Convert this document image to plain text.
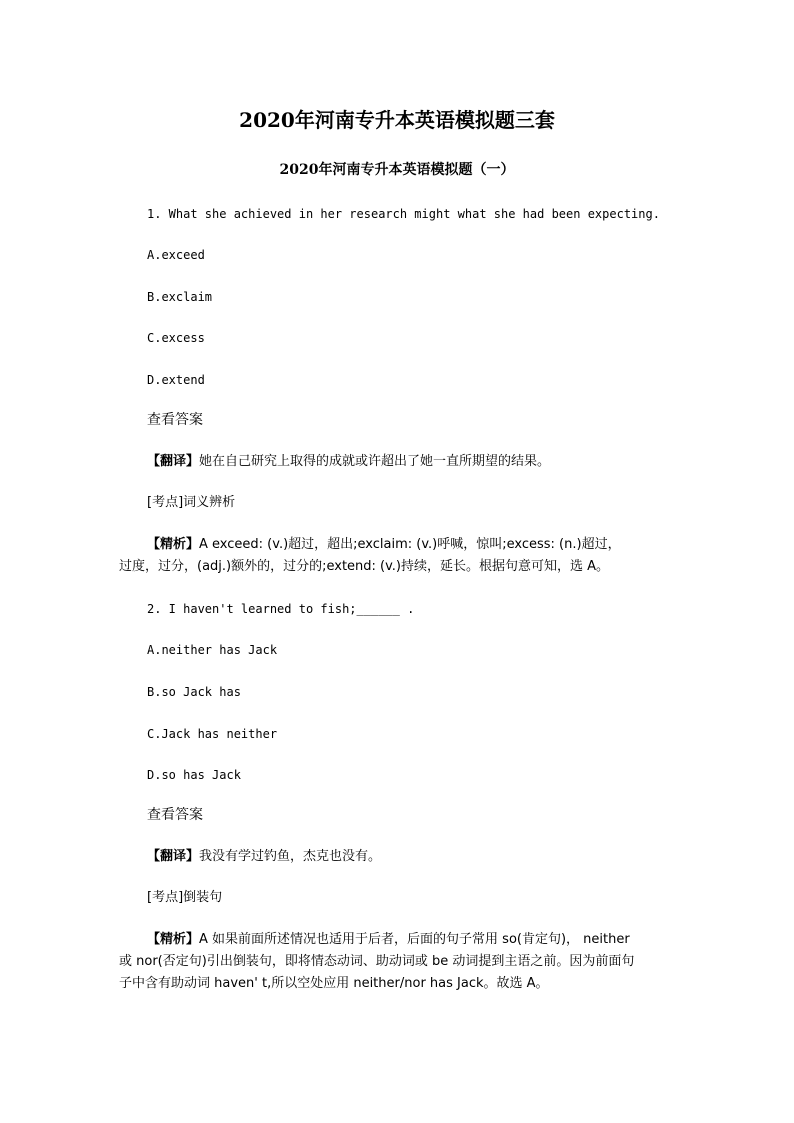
2020年河南专升本英语模拟题三套
2020年河南专升本英语模拟题（一）
1. What she achieved in her research might what she had been expecting.
A.exceed
B.exclaim
C.excess
D.extend
查看答案
【翻译】她在自己研究上取得的成就或许超出了她一直所期望的结果。
[考点]词义辨析
【精析】A exceed: (v.)超过，超出;exclaim: (v.)呼喊，惊叫;excess: (n.)超过，
过度，过分，(adj.)额外的，过分的;extend: (v.)持续，延长。根据句意可知，选 A。
2. I haven't learned to fish;______ .
A.neither has Jack
B.so Jack has
C.Jack has neither
D.so has Jack
查看答案
【翻译】我没有学过钓鱼，杰克也没有。
[考点]倒装句
【精析】A 如果前面所述情况也适用于后者，后面的句子常用 so(肯定句)， neither
或 nor(否定句)引出倒装句，即将情态动词、助动词或 be 动词提到主语之前。因为前面句
子中含有助动词 haven' t,所以空处应用 neither/nor has Jack。故选 A。
